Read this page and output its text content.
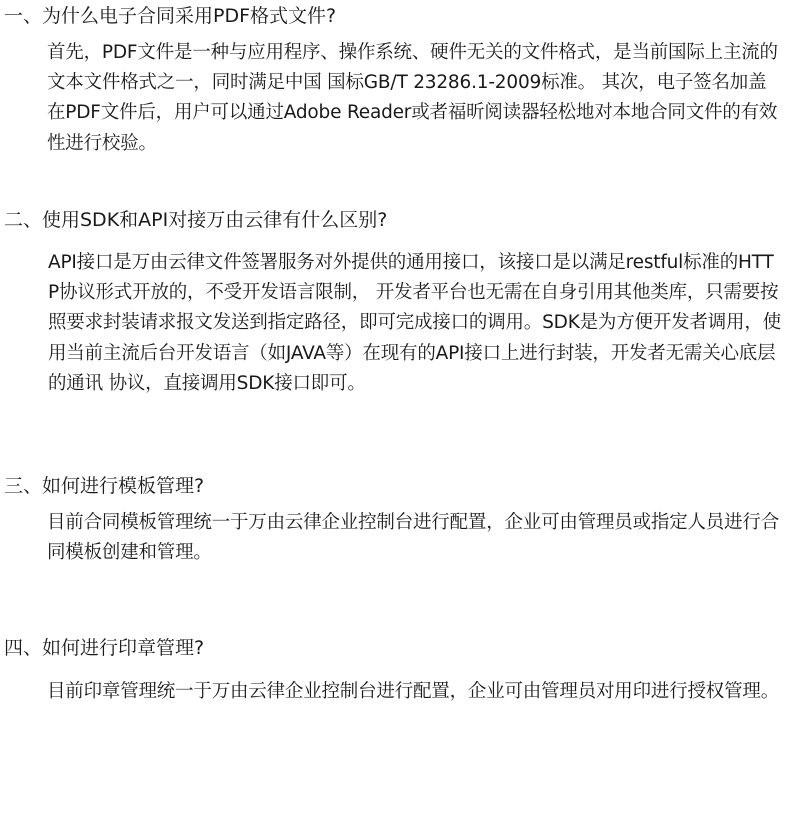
一、为什么电子合同采用PDF格式文件?

首先，PDF文件是一种与应用程序、操作系统、硬件无关的文件格式，是当前国际上主流的文本文件格式之一，同时满足中国 国标GB/T 23286.1-2009标准。 其次，电子签名加盖在PDF文件后，用户可以通过Adobe Reader或者福昕阅读器轻松地对本地合同文件的有效性进行校验。

二、使用SDK和API对接万由云律有什么区别?

API接口是万由云律文件签署服务对外提供的通用接口，该接口是以满足restful标准的HTTP协议形式开放的，不受开发语言限制， 开发者平台也无需在自身引用其他类库，只需要按照要求封装请求报文发送到指定路径，即可完成接口的调用。SDK是为方便开发者调用，使用当前主流后台开发语言（如JAVA等）在现有的API接口上进行封装，开发者无需关心底层的通讯 协议，直接调用SDK接口即可。

三、如何进行模板管理?

目前合同模板管理统一于万由云律企业控制台进行配置，企业可由管理员或指定人员进行合同模板创建和管理。

四、如何进行印章管理?

目前印章管理统一于万由云律企业控制台进行配置，企业可由管理员对用印进行授权管理。
